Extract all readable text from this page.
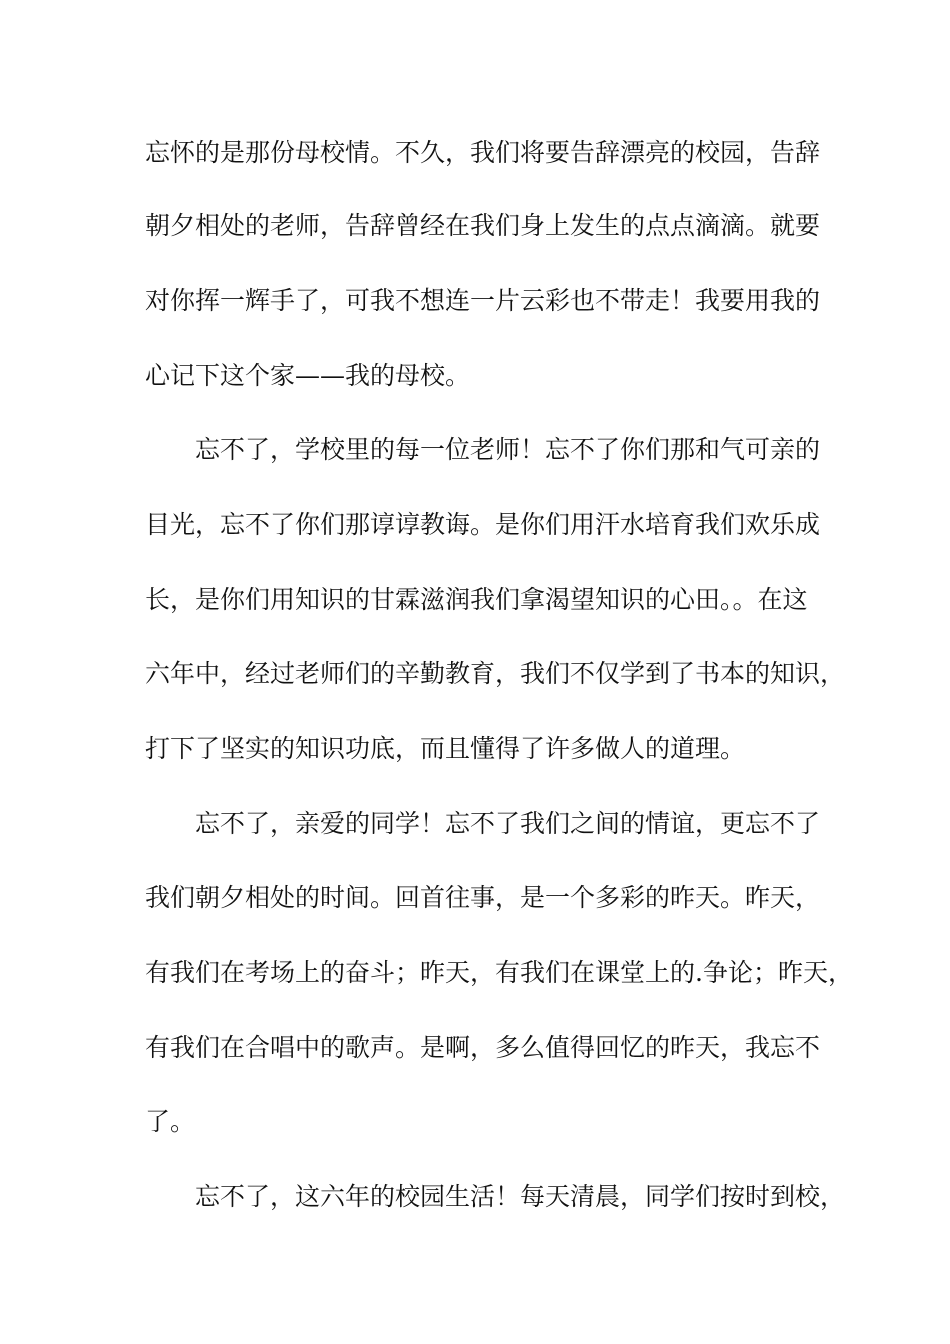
忘怀的是那份母校情。不久，我们将要告辞漂亮的校园，告辞
朝夕相处的老师，告辞曾经在我们身上发生的点点滴滴。就要
对你挥一辉手了，可我不想连一片云彩也不带走！我要用我的
心记下这个家——我的母校。
忘不了，学校里的每一位老师！忘不了你们那和气可亲的
目光，忘不了你们那谆谆教诲。是你们用汗水培育我们欢乐成
长，是你们用知识的甘霖滋润我们拿渴望知识的心田。。在这
六年中，经过老师们的辛勤教育，我们不仅学到了书本的知识，
打下了坚实的知识功底，而且懂得了许多做人的道理。
忘不了，亲爱的同学！忘不了我们之间的情谊，更忘不了
我们朝夕相处的时间。回首往事，是一个多彩的昨天。昨天，
有我们在考场上的奋斗；昨天，有我们在课堂上的.争论；昨天，
有我们在合唱中的歌声。是啊，多么值得回忆的昨天，我忘不
了。
忘不了，这六年的校园生活！每天清晨，同学们按时到校，
